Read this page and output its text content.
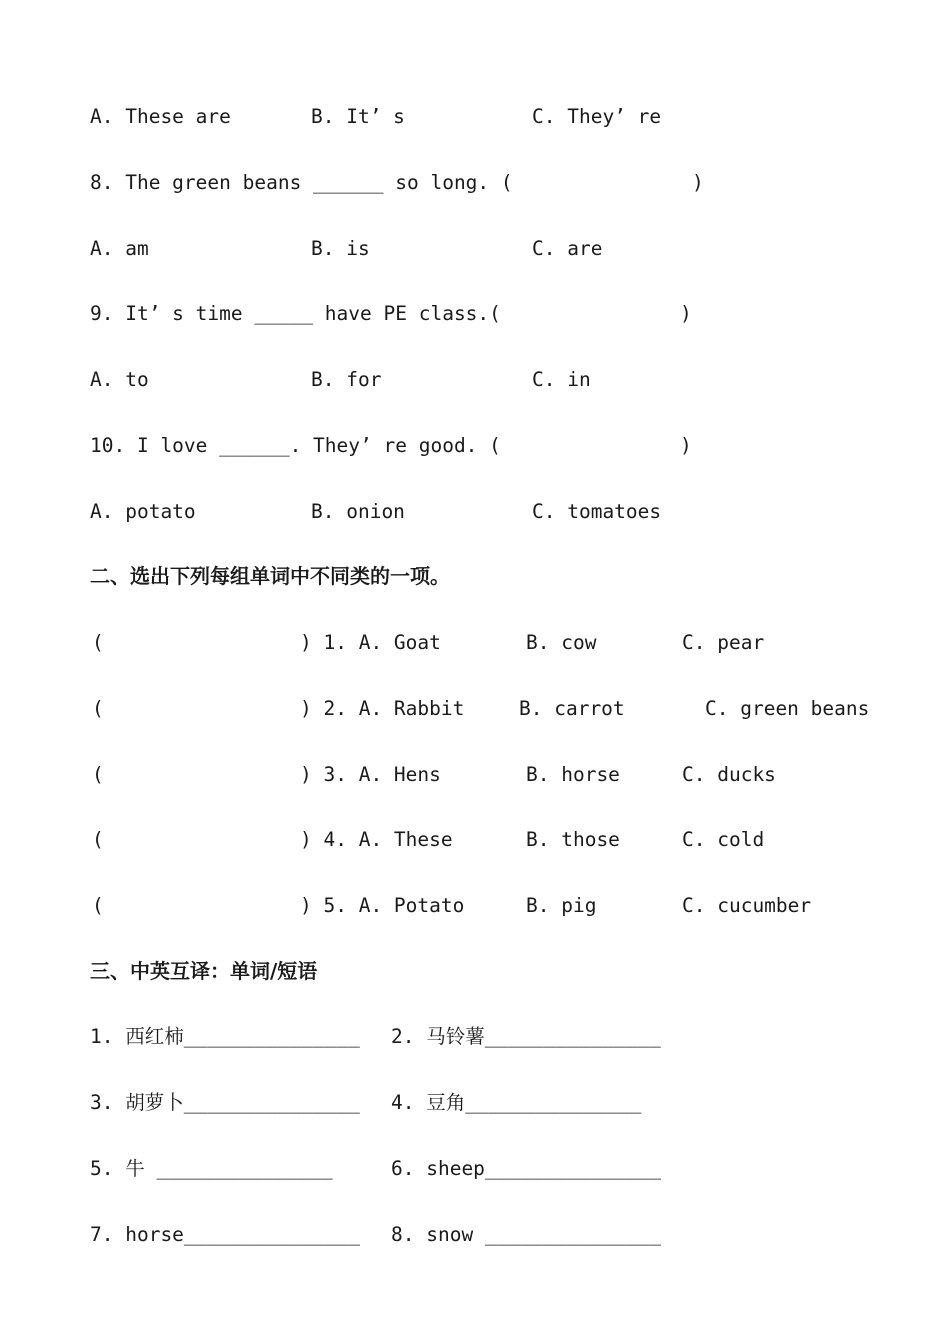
A. These are	B. It’ s	C. They’ re
8. The green beans ______ so long. (	)
A. am	B. is	C. are
9. It’ s time _____ have PE class.(	)
A. to	B. for	C. in
10. I love ______. They’ re good. (	)
A. potato	B. onion	C. tomatoes
二、选出下列每组单词中不同类的一项。
(	) 1. A. Goat	B. cow	C. pear
(	) 2. A. Rabbit	B. carrot	C. green beans
(	) 3. A. Hens	B. horse	C. ducks
(	) 4. A. These	B. those	C. cold
(	) 5. A. Potato	B. pig	C. cucumber
三、中英互译：单词/短语
1. 西红柿_______________ 2. 马铃薯_______________
3. 胡萝卜_______________ 4. 豆角_______________
5. 牛 _______________	6. sheep_______________
7. horse_______________ 8. snow _______________
